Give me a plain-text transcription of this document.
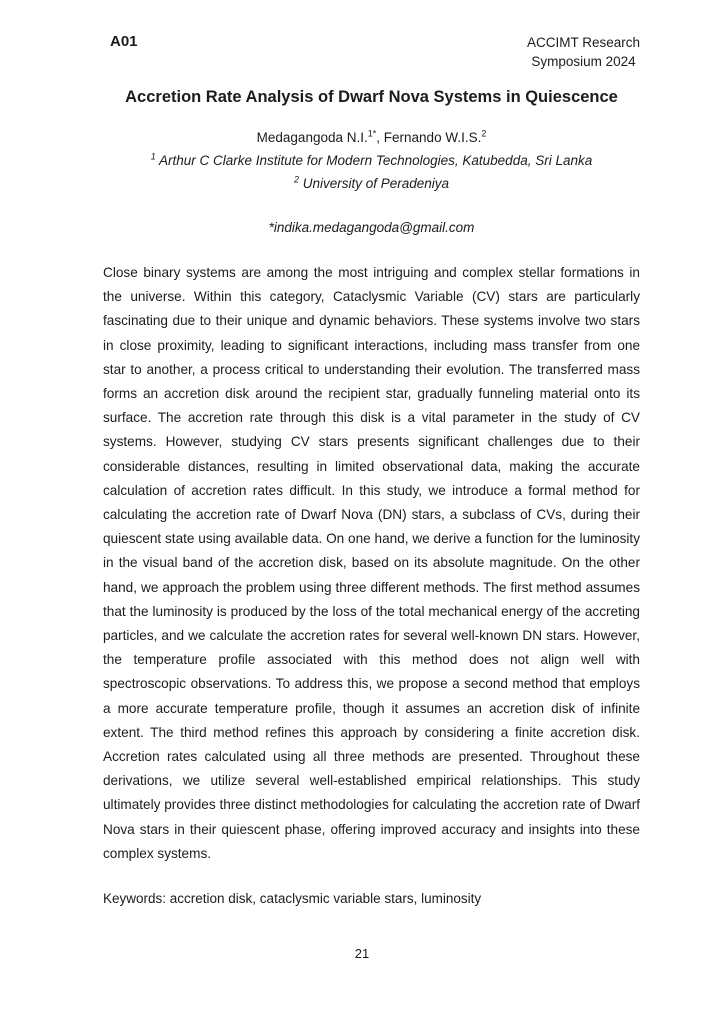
A01	ACCIMT Research
Symposium 2024
Accretion Rate Analysis of Dwarf Nova Systems in Quiescence
Medagangoda N.I.$^{1*}$, Fernando W.I.S.$^2$
$^1$ Arthur C Clarke Institute for Modern Technologies, Katubedda, Sri Lanka
$^2$ University of Peradeniya
*indika.medagangoda@gmail.com
Close binary systems are among the most intriguing and complex stellar formations in the universe. Within this category, Cataclysmic Variable (CV) stars are particularly fascinating due to their unique and dynamic behaviors. These systems involve two stars in close proximity, leading to significant interactions, including mass transfer from one star to another, a process critical to understanding their evolution. The transferred mass forms an accretion disk around the recipient star, gradually funneling material onto its surface. The accretion rate through this disk is a vital parameter in the study of CV systems. However, studying CV stars presents significant challenges due to their considerable distances, resulting in limited observational data, making the accurate calculation of accretion rates difficult. In this study, we introduce a formal method for calculating the accretion rate of Dwarf Nova (DN) stars, a subclass of CVs, during their quiescent state using available data. On one hand, we derive a function for the luminosity in the visual band of the accretion disk, based on its absolute magnitude. On the other hand, we approach the problem using three different methods. The first method assumes that the luminosity is produced by the loss of the total mechanical energy of the accreting particles, and we calculate the accretion rates for several well-known DN stars. However, the temperature profile associated with this method does not align well with spectroscopic observations. To address this, we propose a second method that employs a more accurate temperature profile, though it assumes an accretion disk of infinite extent. The third method refines this approach by considering a finite accretion disk. Accretion rates calculated using all three methods are presented. Throughout these derivations, we utilize several well-established empirical relationships. This study ultimately provides three distinct methodologies for calculating the accretion rate of Dwarf Nova stars in their quiescent phase, offering improved accuracy and insights into these complex systems.
Keywords: accretion disk, cataclysmic variable stars, luminosity
21
